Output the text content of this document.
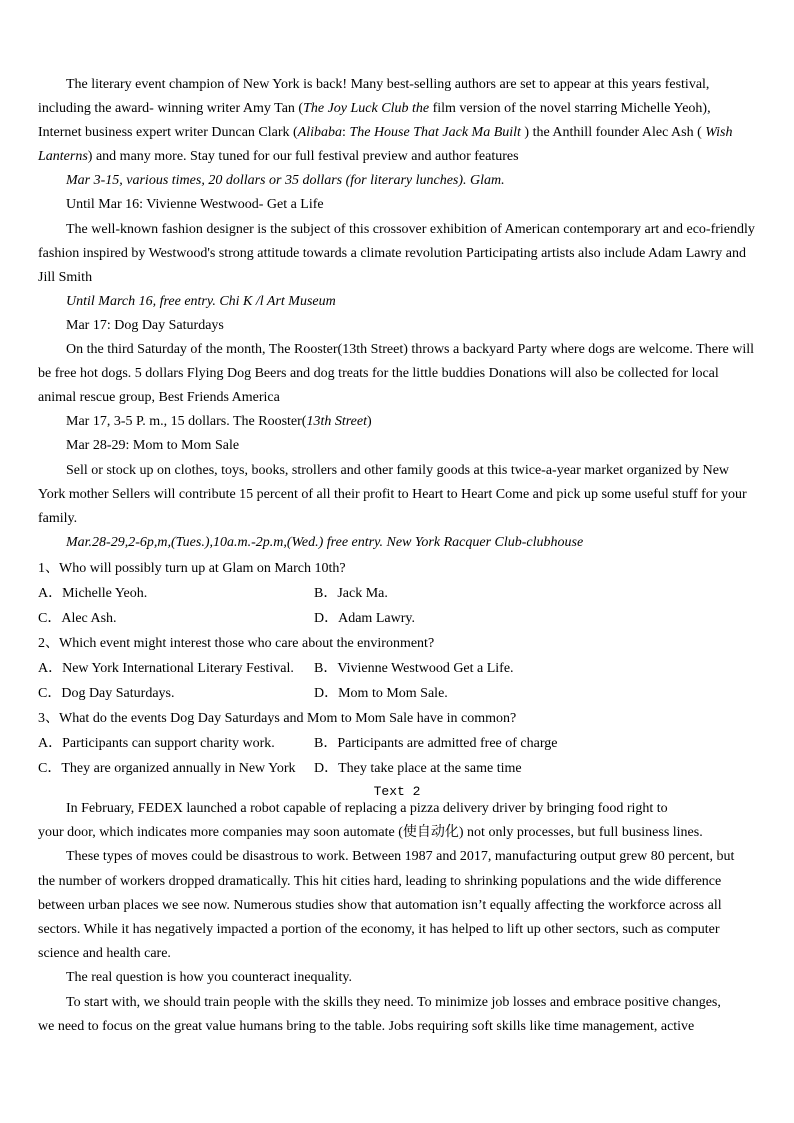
The literary event champion of New York is back! Many best-selling authors are set to appear at this years festival,
including the award- winning writer Amy Tan (The Joy Luck Club the film version of the novel starring Michelle Yeoh),
Internet business expert writer Duncan Clark (Alibaba: The House That Jack Ma Built ) the Anthill founder Alec Ash ( Wish
Lanterns) and many more. Stay tuned for our full festival preview and author features
Mar 3-15, various times, 20 dollars or 35 dollars (for literary lunches). Glam.
Until Mar 16: Vivienne Westwood- Get a Life
The well-known fashion designer is the subject of this crossover exhibition of American contemporary art and eco-friendly
fashion inspired by Westwood's strong attitude towards a climate revolution Participating artists also include Adam Lawry and
Jill Smith
Until March 16, free entry. Chi K /l Art Museum
Mar 17: Dog Day Saturdays
On the third Saturday of the month, The Rooster(13th Street) throws a backyard Party where dogs are welcome. There will
be free hot dogs. 5 dollars Flying Dog Beers and dog treats for the little buddies Donations will also be collected for local
animal rescue group, Best Friends America
Mar 17, 3-5 P. m., 15 dollars. The Rooster(13th Street)
Mar 28-29: Mom to Mom Sale
Sell or stock up on clothes, toys, books, strollers and other family goods at this twice-a-year market organized by New
York mother Sellers will contribute 15 percent of all their profit to Heart to Heart Come and pick up some useful stuff for your
family.
Mar.28-29,2-6p,m,(Tues.),10a.m.-2p.m,(Wed.) free entry. New York Racquer Club-clubhouse
1、Who will possibly turn up at Glam on March 10th?
A．Michelle Yeoh.	B．Jack Ma.
C．Alec Ash.	D．Adam Lawry.
2、Which event might interest those who care about the environment?
A．New York International Literary Festival. B．Vivienne Westwood Get a Life.
C．Dog Day Saturdays.	D．Mom to Mom Sale.
3、What do the events Dog Day Saturdays and Mom to Mom Sale have in common?
A．Participants can support charity work.	B．Participants are admitted free of charge
C．They are organized annually in New York D．They take place at the same time
Text 2
In February, FEDEX launched a robot capable of replacing a pizza delivery driver by bringing food right to
your door, which indicates more companies may soon automate (使自动化) not only processes, but full business lines.
These types of moves could be disastrous to work. Between 1987 and 2017, manufacturing output grew 80 percent, but
the number of workers dropped dramatically. This hit cities hard, leading to shrinking populations and the wide difference
between urban places we see now. Numerous studies show that automation isn’t equally affecting the workforce across all
sectors. While it has negatively impacted a portion of the economy, it has helped to lift up other sectors, such as computer
science and health care.
The real question is how you counteract inequality.
To start with, we should train people with the skills they need. To minimize job losses and embrace positive changes,
we need to focus on the great value humans bring to the table. Jobs requiring soft skills like time management, active
